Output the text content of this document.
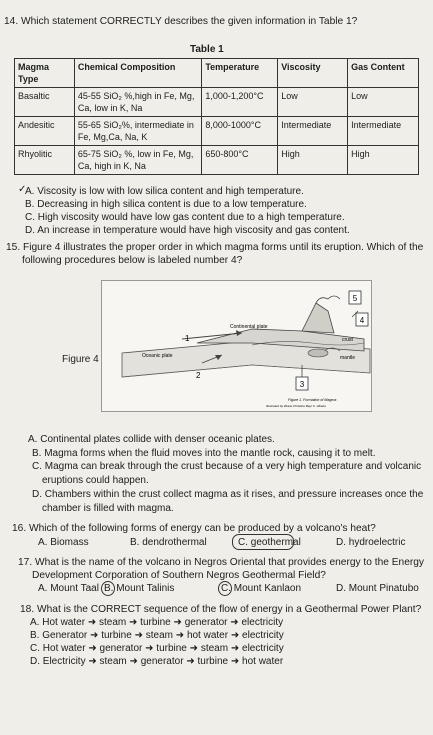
14. Which statement CORRECTLY describes the given information in Table 1?
Table 1
Magma Type	Chemical Composition	Temperature	Viscosity	Gas Content
Basaltic	45-55 SiO₂ %,high in Fe, Mg, Ca, low in K, Na	1,000-1,200°C	Low	Low
Andesitic	55-65 SiO₂%, intermediate in Fe, Mg,Ca, Na, K	8,000-1000°C	Intermediate	Intermediate
Rhyolitic	65-75 SiO₂ %, low in Fe, Mg, Ca, high in K, Na	650-800°C	High	High
✓
A. Viscosity is low with low silica content and high temperature.
B. Decreasing in high silica content is due to a low temperature.
C. High viscosity would have low gas content due to a high temperature.
D. An increase in temperature would have high viscosity and gas content.
15. Figure 4 illustrates the proper order in which magma forms until its eruption. Which of the
following procedures below is labeled number 4?
Figure 4
5
4
1
2
3
Continental plate
Oceanic plate
crust
mantle
Figure 1. Formation of Magma
Illustrated by Zhane Christine Bayr C. Albaire
A. Continental plates collide with denser oceanic plates.
B. Magma forms when the fluid moves into the mantle rock, causing it to melt.
C. Magma can break through the crust because of a very high temperature and volcanic
eruptions could happen.
D. Chambers within the crust collect magma as it rises, and pressure increases once the
chamber is filled with magma.
16. Which of the following forms of energy can be produced by a volcano's heat?
A. Biomass	B. dendrothermal	C. geothermal	D. hydroelectric
17. What is the name of the volcano in Negros Oriental that provides energy to the Energy
Development Corporation of Southern Negros Geothermal Field?
A. Mount Taal B. Mount Talinis	C. Mount Kanlaon	D. Mount Pinatubo
18. What is the CORRECT sequence of the flow of energy in a Geothermal Power Plant?
A. Hot water ➜ steam ➜ turbine ➜ generator ➜ electricity
B. Generator ➜ turbine ➜ steam ➜ hot water ➜ electricity
C. Hot water ➜ generator ➜ turbine ➜ steam ➜ electricity
D. Electricity ➜ steam ➜ generator ➜ turbine ➜ hot water
